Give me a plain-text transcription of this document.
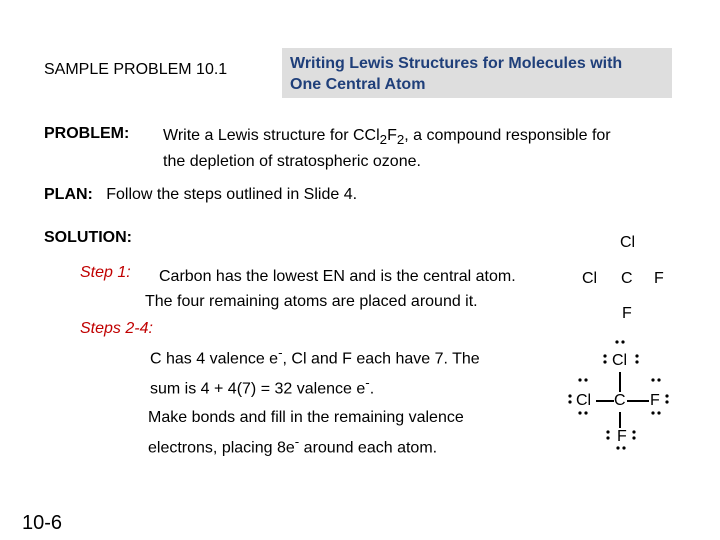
SAMPLE PROBLEM 10.1	Writing Lewis Structures for Molecules with
One Central Atom
PROBLEM: Write a Lewis structure for $CCl_2F_2$, a compound responsible for
the depletion of stratospheric ozone.
PLAN: Follow the steps outlined in Slide 4.
SOLUTION:
Step 1: Carbon has the lowest EN and is the central atom.
The four remaining atoms are placed around it.
Steps 2-4:
C has 4 valence e-, Cl and F each have 7. The
sum is 4 + 4(7) = 32 valence e-.
Make bonds and fill in the remaining valence
electrons, placing 8e- around each atom.
Cl
Cl C F
F
Cl
Cl C F
F
10-6
